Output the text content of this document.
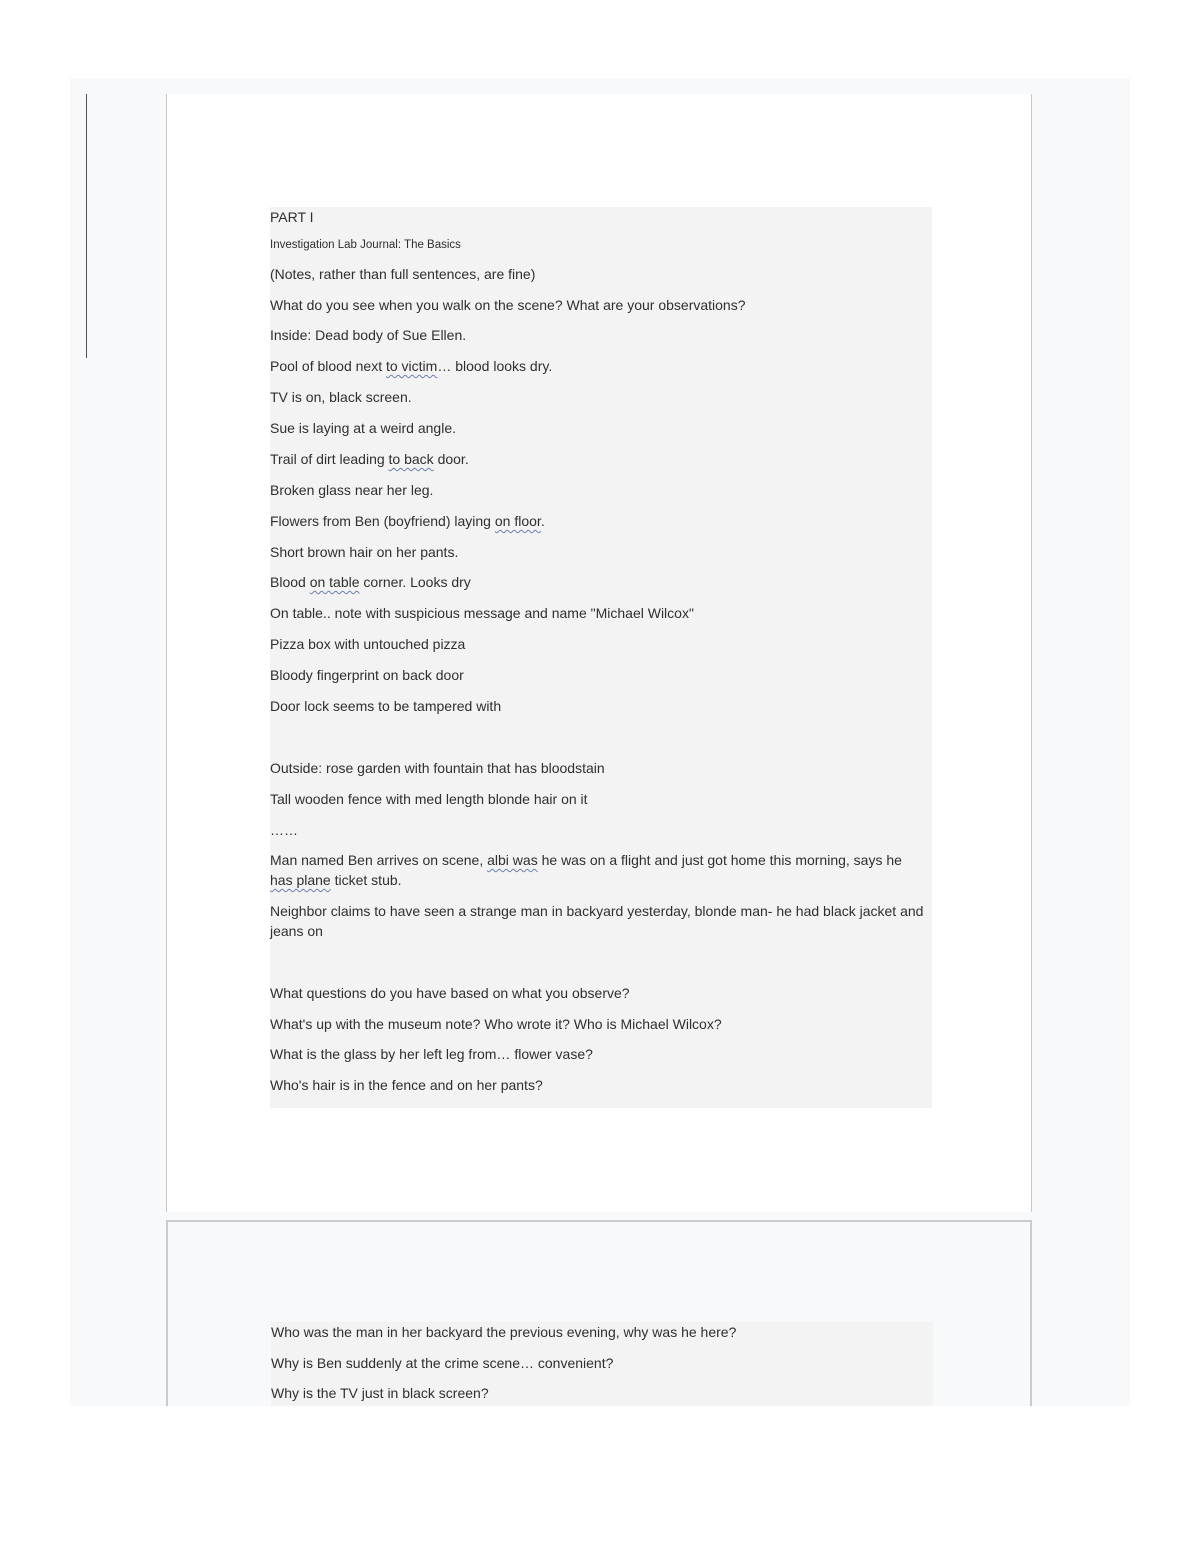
PART I
Investigation Lab Journal: The Basics
(Notes, rather than full sentences, are fine)
What do you see when you walk on the scene? What are your observations?
Inside: Dead body of Sue Ellen.
Pool of blood next to victim… blood looks dry.
TV is on, black screen.
Sue is laying at a weird angle.
Trail of dirt leading to back door.
Broken glass near her leg.
Flowers from Ben (boyfriend) laying on floor.
Short brown hair on her pants.
Blood on table corner. Looks dry
On table.. note with suspicious message and name "Michael Wilcox"
Pizza box with untouched pizza
Bloody fingerprint on back door
Door lock seems to be tampered with
Outside: rose garden with fountain that has bloodstain
Tall wooden fence with med length blonde hair on it
……
Man named Ben arrives on scene, albi was he was on a flight and just got home this morning, says he has plane ticket stub.
Neighbor claims to have seen a strange man in backyard yesterday, blonde man- he had black jacket and jeans on
What questions do you have based on what you observe?
What's up with the museum note? Who wrote it? Who is Michael Wilcox?
What is the glass by her left leg from… flower vase?
Who's hair is in the fence and on her pants?
Who was the man in her backyard the previous evening, why was he here?
Why is Ben suddenly at the crime scene… convenient?
Why is the TV just in black screen?
